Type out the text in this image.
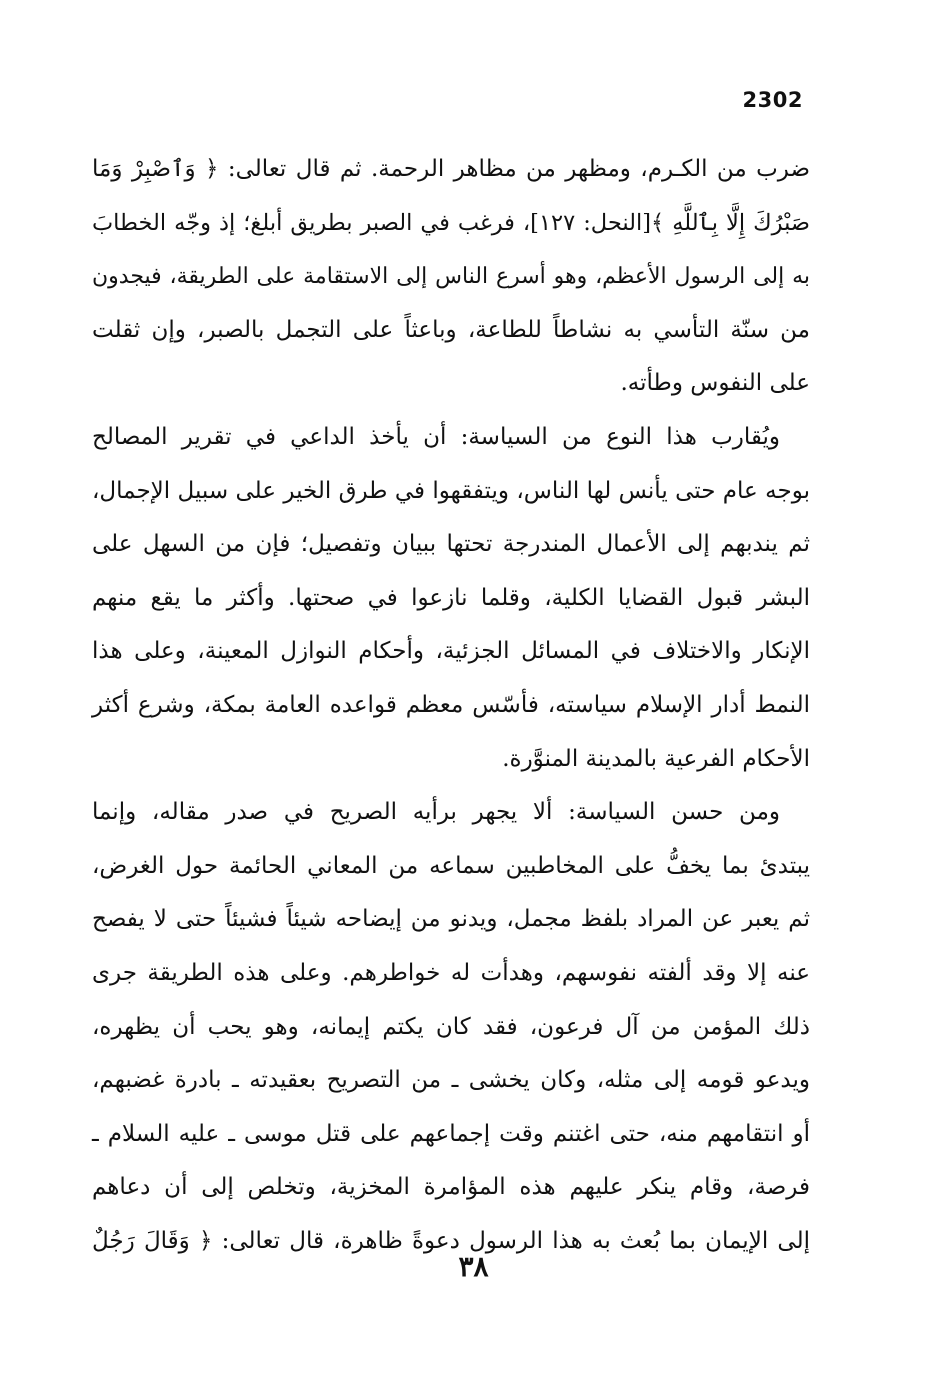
2302
ضرب من الكـرم، ومظهر من مظاهر الرحمة. ثم قال تعالى: ﴿ وَٱصْبِرْ وَمَا
صَبْرُكَ إِلَّا بِٱللَّهِ ﴾[النحل: ١٢٧]، فرغب في الصبر بطريق أبلغ؛ إذ وجّه الخطابَ
به إلى الرسول الأعظم، وهو أسرع الناس إلى الاستقامة على الطريقة، فيجدون
من سنّة التأسي به نشاطاً للطاعة، وباعثاً على التجمل بالصبر، وإن ثقلت
على النفوس وطأته.
ويُقارب هذا النوع من السياسة: أن يأخذ الداعي في تقرير المصالح
بوجه عام حتى يأنس لها الناس، ويتفقهوا في طرق الخير على سبيل الإجمال،
ثم يندبهم إلى الأعمال المندرجة تحتها ببيان وتفصيل؛ فإن من السهل على
البشر قبول القضايا الكلية، وقلما نازعوا في صحتها. وأكثر ما يقع منهم
الإنكار والاختلاف في المسائل الجزئية، وأحكام النوازل المعينة، وعلى هذا
النمط أدار الإسلام سياسته، فأسّس معظم قواعده العامة بمكة، وشرع أكثر
الأحكام الفرعية بالمدينة المنوَّرة.
ومن حسن السياسة: ألا يجهر برأيه الصريح في صدر مقاله، وإنما
يبتدئ بما يخفُّ على المخاطبين سماعه من المعاني الحائمة حول الغرض،
ثم يعبر عن المراد بلفظ مجمل، ويدنو من إيضاحه شيئاً فشيئاً حتى لا يفصح
عنه إلا وقد ألفته نفوسهم، وهدأت له خواطرهم. وعلى هذه الطريقة جرى
ذلك المؤمن من آل فرعون، فقد كان يكتم إيمانه، وهو يحب أن يظهره،
ويدعو قومه إلى مثله، وكان يخشى ـ من التصريح بعقيدته ـ بادرة غضبهم،
أو انتقامهم منه، حتى اغتنم وقت إجماعهم على قتل موسى ـ عليه السلام ـ
فرصة، وقام ينكر عليهم هذه المؤامرة المخزية، وتخلص إلى أن دعاهم
إلى الإيمان بما بُعث به هذا الرسول دعوةً ظاهرة، قال تعالى: ﴿ وَقَالَ رَجُلٌ
٣٨
